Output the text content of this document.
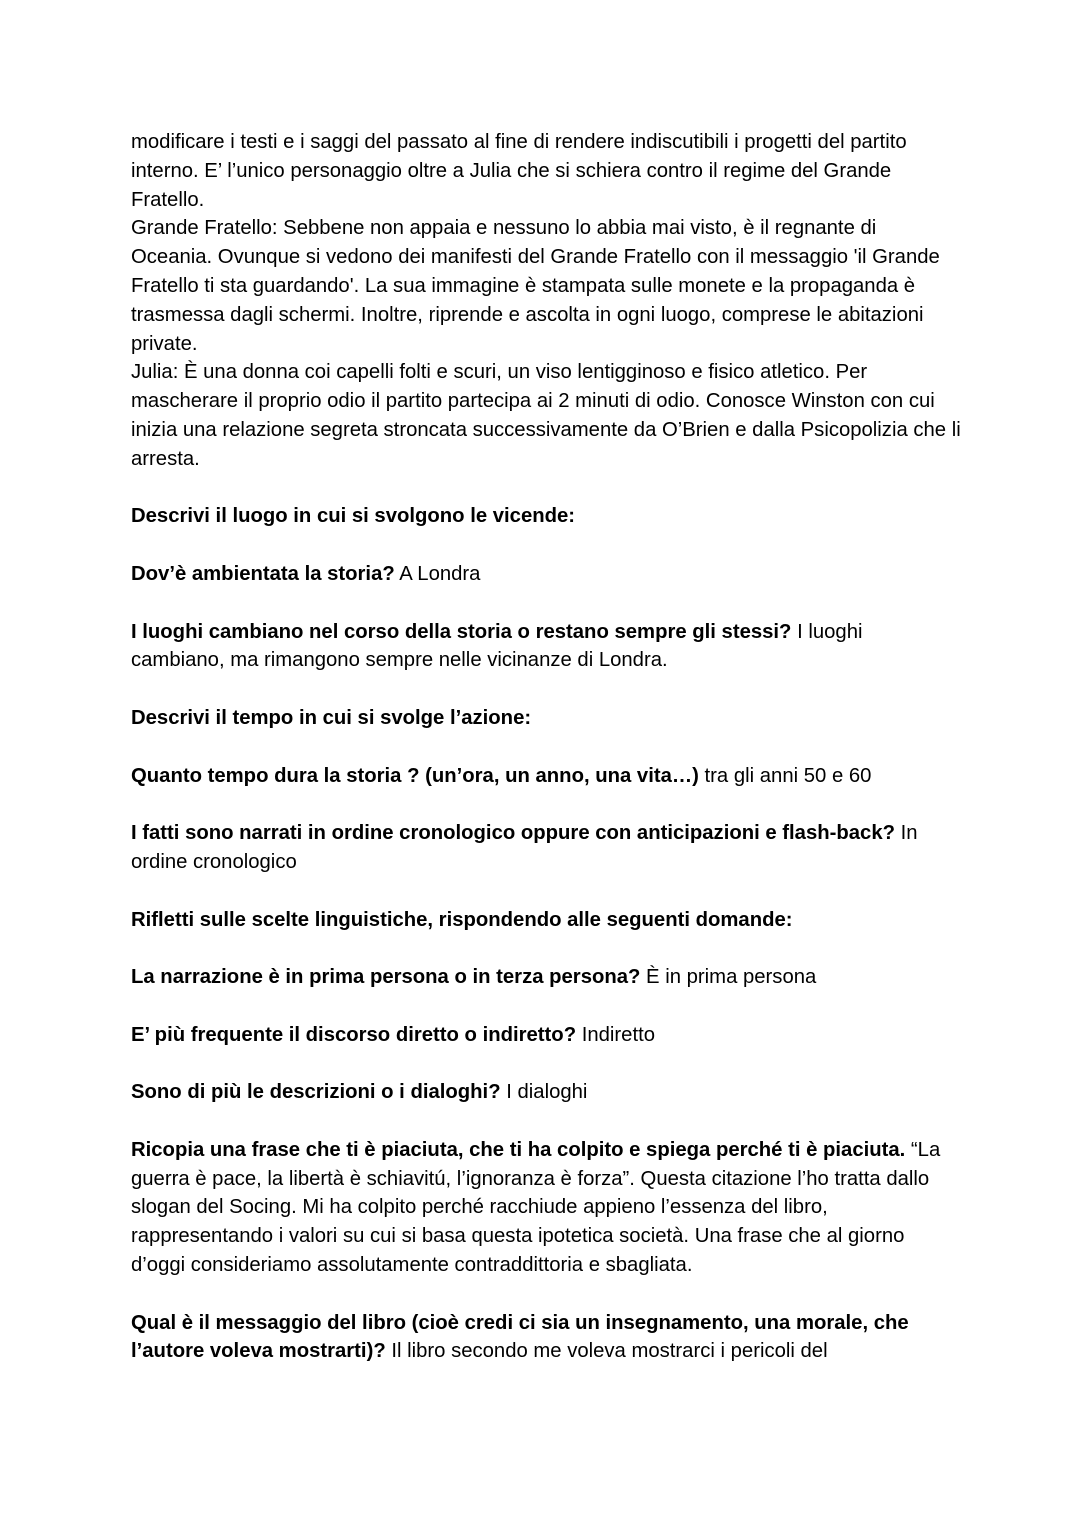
modificare i testi e i saggi del passato al fine di rendere indiscutibili i progetti del partito interno. E’ l’unico personaggio oltre a Julia che si schiera contro il regime del Grande Fratello.

Grande Fratello: Sebbene non appaia e nessuno lo abbia mai visto, è il regnante di Oceania. Ovunque si vedono dei manifesti del Grande Fratello con il messaggio 'il Grande Fratello ti sta guardando'. La sua immagine è stampata sulle monete e la propaganda è trasmessa dagli schermi. Inoltre, riprende e ascolta in ogni luogo, comprese le abitazioni private.

Julia: È una donna coi capelli folti e scuri, un viso lentigginoso e fisico atletico. Per mascherare il proprio odio il partito partecipa ai 2 minuti di odio. Conosce Winston con cui inizia una relazione segreta stroncata successivamente da O’Brien e dalla Psicopolizia che li arresta.

Descrivi il luogo in cui si svolgono le vicende:

Dov’è ambientata la storia? A Londra

I luoghi cambiano nel corso della storia o restano sempre gli stessi? I luoghi cambiano, ma rimangono sempre nelle vicinanze di Londra.

Descrivi il tempo in cui si svolge l’azione:

Quanto tempo dura la storia ? (un’ora, un anno, una vita…) tra gli anni 50 e 60

I fatti sono narrati in ordine cronologico oppure con anticipazioni e flash-back? In ordine cronologico

Rifletti sulle scelte linguistiche, rispondendo alle seguenti domande:

La narrazione è in prima persona o in terza persona? È in prima persona

E’ più frequente il discorso diretto o indiretto? Indiretto

Sono di più le descrizioni o i dialoghi? I dialoghi

Ricopia una frase che ti è piaciuta, che ti ha colpito e spiega perché ti è piaciuta. “La guerra è pace, la libertà è schiavitú, l’ignoranza è forza”. Questa citazione l’ho tratta dallo slogan del Socing. Mi ha colpito perché racchiude appieno l’essenza del libro, rappresentando i valori su cui si basa questa ipotetica società. Una frase che al giorno d’oggi consideriamo assolutamente contraddittoria e sbagliata.

Qual è il messaggio del libro (cioè credi ci sia un insegnamento, una morale, che l’autore voleva mostrarti)? Il libro secondo me voleva mostrarci i pericoli del
